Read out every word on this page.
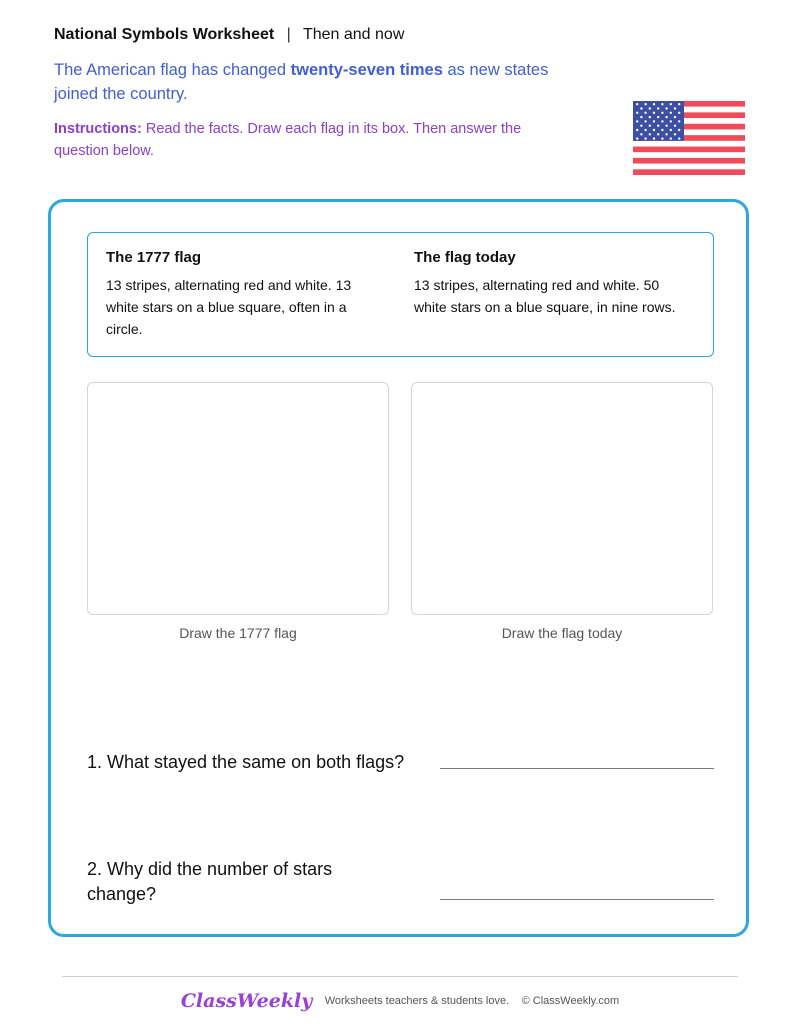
National Symbols Worksheet | Then and now
The American flag has changed twenty-seven times as new states joined the country.
Instructions: Read the facts. Draw each flag in its box. Then answer the question below.
The 1777 flag
13 stripes, alternating red and white. 13 white stars on a blue square, often in a circle.
The flag today
13 stripes, alternating red and white. 50 white stars on a blue square, in nine rows.
Draw the 1777 flag	Draw the flag today
1. What stayed the same on both flags?
2. Why did the number of stars change?
ClassWeekly Worksheets teachers & students love. © ClassWeekly.com
